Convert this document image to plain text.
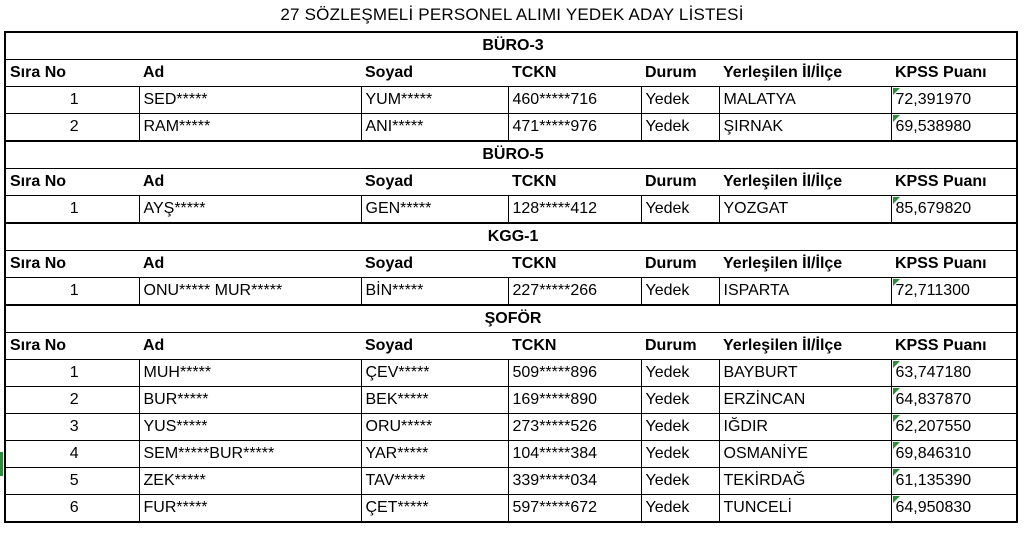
27 SÖZLEŞMELİ PERSONEL ALIMI YEDEK ADAY LİSTESİ
BÜRO-3						
Sıra No	Ad	Soyad	TCKN	Durum	Yerleşilen İl/İlçe	KPSS Puanı
1	SED*****	YUM*****	460*****716	Yedek	MALATYA	72,391970
2	RAM*****	ANI*****	471*****976	Yedek	ŞIRNAK	69,538980
BÜRO-5						
Sıra No	Ad	Soyad	TCKN	Durum	Yerleşilen İl/İlçe	KPSS Puanı
1	AYŞ*****	GEN*****	128*****412	Yedek	YOZGAT	85,679820
KGG-1						
Sıra No	Ad	Soyad	TCKN	Durum	Yerleşilen İl/İlçe	KPSS Puanı
1	ONU***** MUR*****	BİN*****	227*****266	Yedek	ISPARTA	72,711300
ŞOFÖR						
Sıra No	Ad	Soyad	TCKN	Durum	Yerleşilen İl/İlçe	KPSS Puanı
1	MUH*****	ÇEV*****	509*****896	Yedek	BAYBURT	63,747180
2	BUR*****	BEK*****	169*****890	Yedek	ERZİNCAN	64,837870
3	YUS*****	ORU*****	273*****526	Yedek	IĞDIR	62,207550
4	SEM*****BUR*****	YAR*****	104*****384	Yedek	OSMANİYE	69,846310
5	ZEK*****	TAV*****	339*****034	Yedek	TEKİRDAĞ	61,135390
6	FUR*****	ÇET*****	597*****672	Yedek	TUNCELİ	64,950830
